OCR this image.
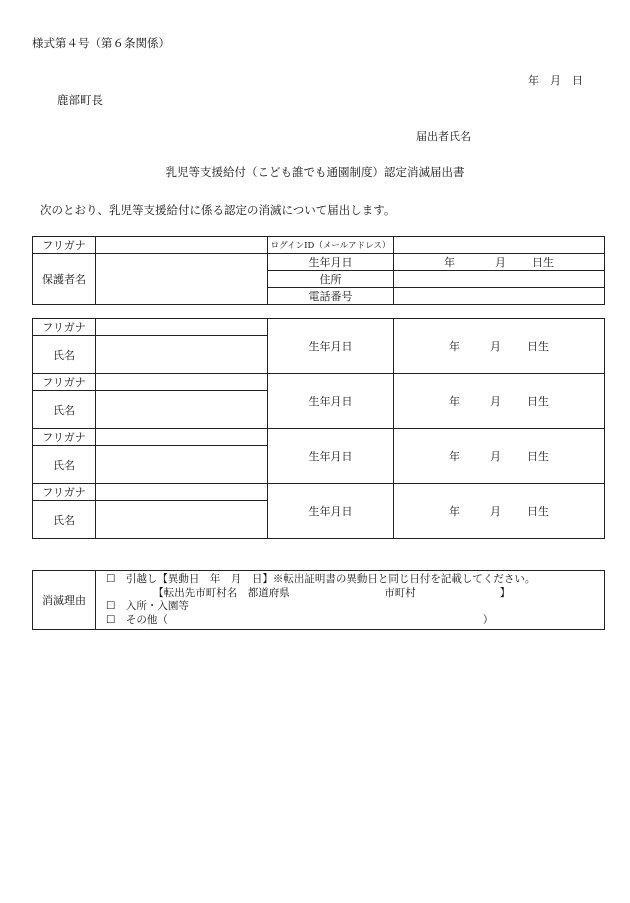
様式第４号（第６条関係）
年　月　日
鹿部町長
届出者氏名
乳児等支援給付（こども誰でも通園制度）認定消滅届出書
次のとおり、乳児等支援給付に係る認定の消滅について届出します。
フリガナ		ログインID（メールアドレス）	
保護者名		生年月日	年 月 日生
		住所	
		電話番号	
フリガナ		生年月日	年 月 日生
氏名			
フリガナ		生年月日	年 月 日生
氏名			
フリガナ		生年月日	年 月 日生
氏名			
フリガナ		生年月日	年 月 日生
氏名			
消滅理由	
☐　引越し【異動日　年　月　日】※転出証明書の異動日と同じ日付を記載してください。
　　　　　【転出先市町村名　都道府県　　　　　　　　　市町村　　　　　　　　】
☐　入所・入園等
☐　その他（　　　　　　　　　　　　　　　　　　　　　　　　　　　　　　）
